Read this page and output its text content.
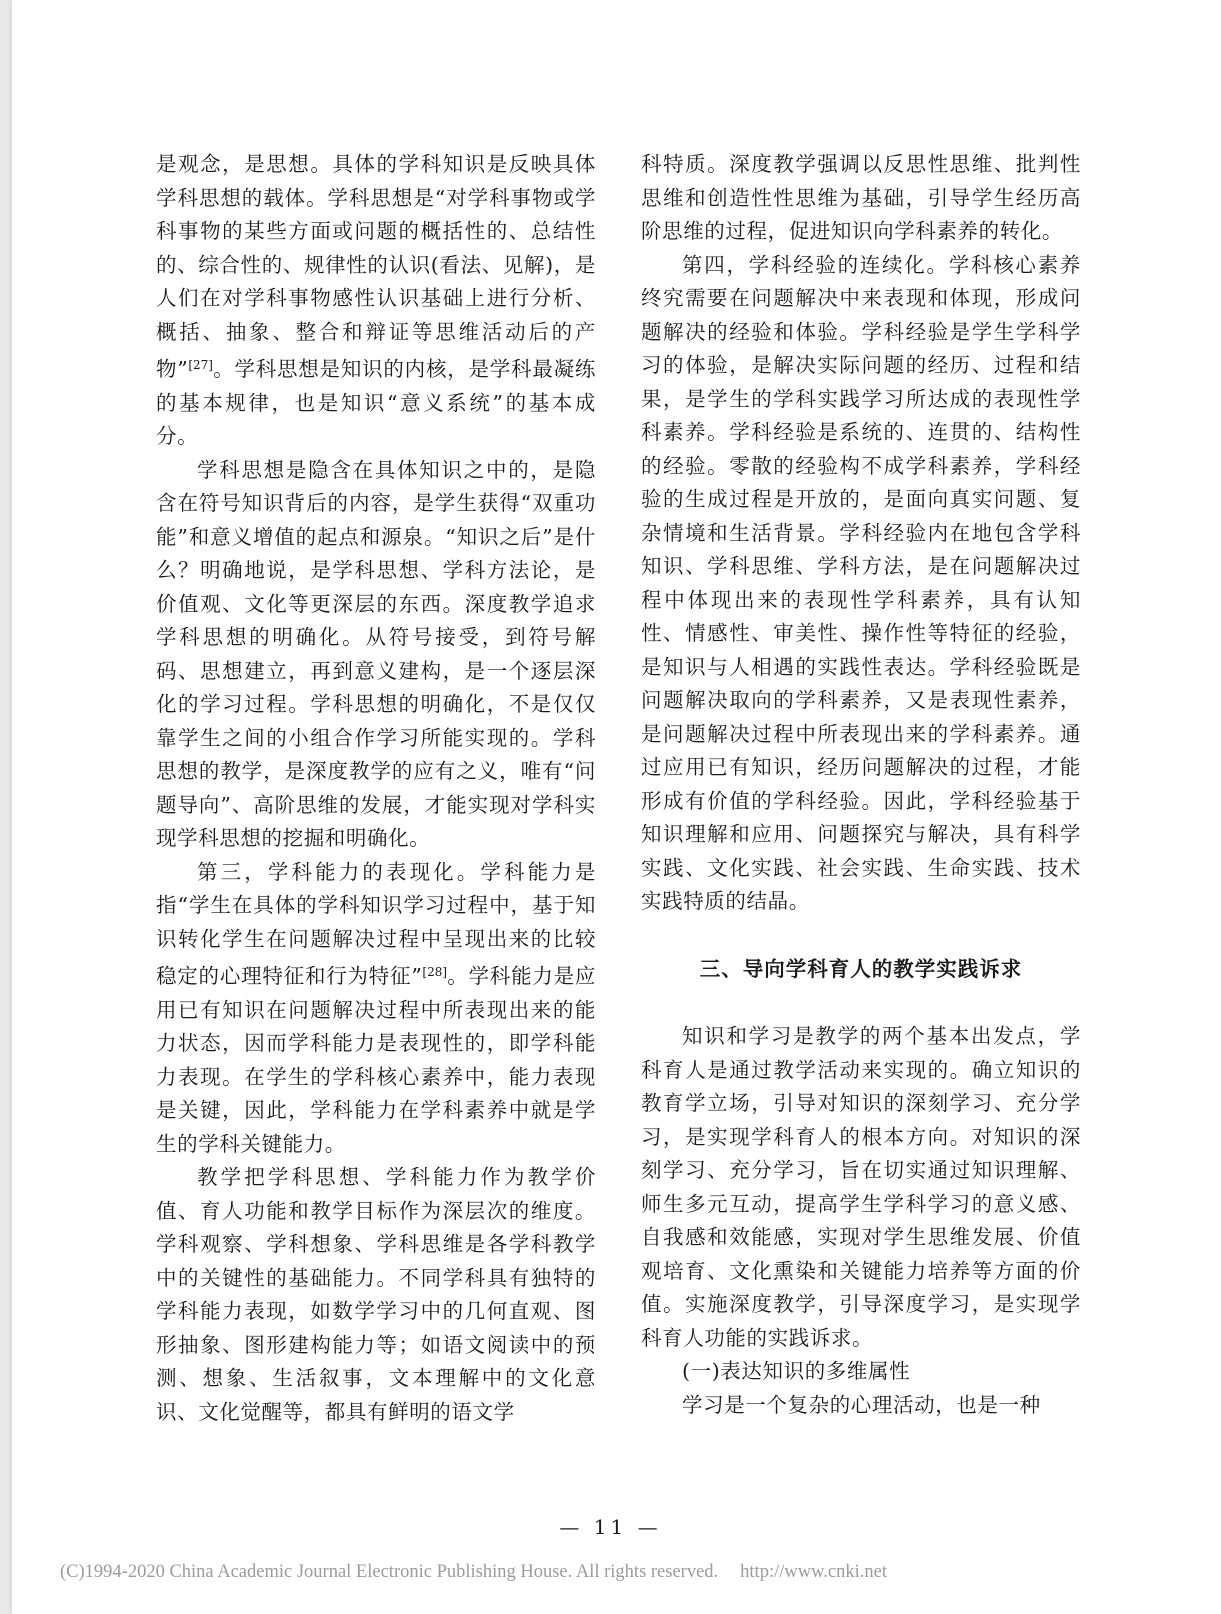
是观念，是思想。具体的学科知识是反映具体学科思想的载体。学科思想是“对学科事物或学科事物的某些方面或问题的概括性的、总结性的、综合性的、规律性的认识(看法、见解)，是人们在对学科事物感性认识基础上进行分析、概括、抽象、整合和辩证等思维活动后的产物”[27]。学科思想是知识的内核，是学科最凝练的基本规律，也是知识“意义系统”的基本成分。

学科思想是隐含在具体知识之中的，是隐含在符号知识背后的内容，是学生获得“双重功能”和意义增值的起点和源泉。“知识之后”是什么？明确地说，是学科思想、学科方法论，是价值观、文化等更深层的东西。深度教学追求学科思想的明确化。从符号接受，到符号解码、思想建立，再到意义建构，是一个逐层深化的学习过程。学科思想的明确化，不是仅仅靠学生之间的小组合作学习所能实现的。学科思想的教学，是深度教学的应有之义，唯有“问题导向”、高阶思维的发展，才能实现对学科实现学科思想的挖掘和明确化。

第三，学科能力的表现化。学科能力是指“学生在具体的学科知识学习过程中，基于知识转化学生在问题解决过程中呈现出来的比较稳定的心理特征和行为特征”[28]。学科能力是应用已有知识在问题解决过程中所表现出来的能力状态，因而学科能力是表现性的，即学科能力表现。在学生的学科核心素养中，能力表现是关键，因此，学科能力在学科素养中就是学生的学科关键能力。

教学把学科思想、学科能力作为教学价值、育人功能和教学目标作为深层次的维度。学科观察、学科想象、学科思维是各学科教学中的关键性的基础能力。不同学科具有独特的学科能力表现，如数学学习中的几何直观、图形抽象、图形建构能力等；如语文阅读中的预测、想象、生活叙事，文本理解中的文化意识、文化觉醒等，都具有鲜明的语文学

科特质。深度教学强调以反思性思维、批判性思维和创造性性思维为基础，引导学生经历高阶思维的过程，促进知识向学科素养的转化。

第四，学科经验的连续化。学科核心素养终究需要在问题解决中来表现和体现，形成问题解决的经验和体验。学科经验是学生学科学习的体验，是解决实际问题的经历、过程和结果，是学生的学科实践学习所达成的表现性学科素养。学科经验是系统的、连贯的、结构性的经验。零散的经验构不成学科素养，学科经验的生成过程是开放的，是面向真实问题、复杂情境和生活背景。学科经验内在地包含学科知识、学科思维、学科方法，是在问题解决过程中体现出来的表现性学科素养，具有认知性、情感性、审美性、操作性等特征的经验，是知识与人相遇的实践性表达。学科经验既是问题解决取向的学科素养，又是表现性素养，是问题解决过程中所表现出来的学科素养。通过应用已有知识，经历问题解决的过程，才能形成有价值的学科经验。因此，学科经验基于知识理解和应用、问题探究与解决，具有科学实践、文化实践、社会实践、生命实践、技术实践特质的结晶。

三、导向学科育人的教学实践诉求

知识和学习是教学的两个基本出发点，学科育人是通过教学活动来实现的。确立知识的教育学立场，引导对知识的深刻学习、充分学习，是实现学科育人的根本方向。对知识的深刻学习、充分学习，旨在切实通过知识理解、师生多元互动，提高学生学科学习的意义感、自我感和效能感，实现对学生思维发展、价值观培育、文化熏染和关键能力培养等方面的价值。实施深度教学，引导深度学习，是实现学科育人功能的实践诉求。

(一)表达知识的多维属性

学习是一个复杂的心理活动，也是一种

— 11 —
(C)1994-2020 China Academic Journal Electronic Publishing House. All rights reserved. http://www.cnki.net
